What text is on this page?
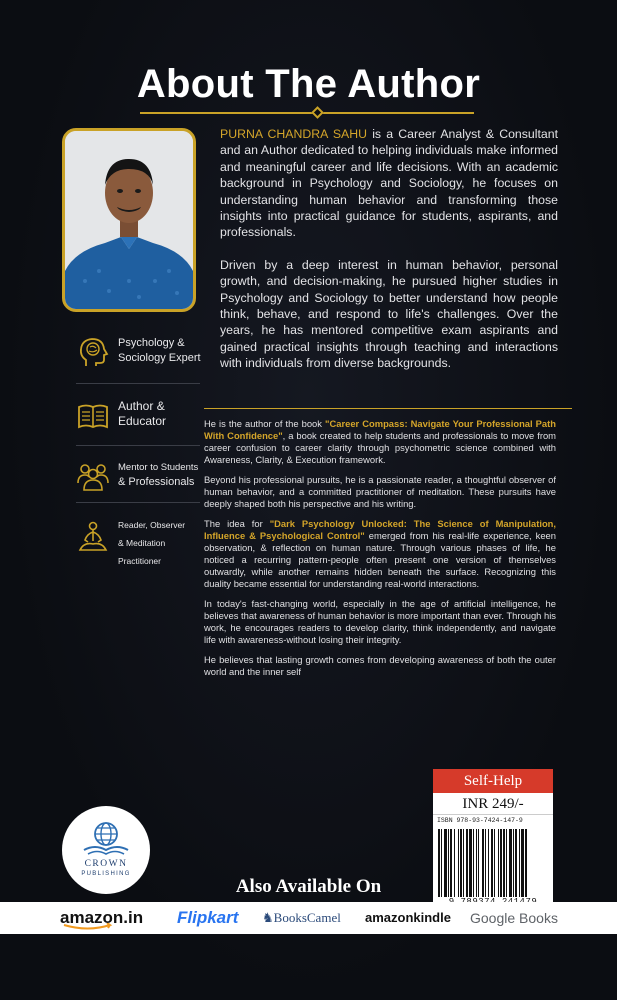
About The Author

PURNA CHANDRA SAHU is a Career Analyst & Consultant and an Author dedicated to helping individuals make informed and meaningful career and life decisions. With an academic background in Psychology and Sociology, he focuses on understanding human behavior and transforming those insights into practical guidance for students, aspirants, and professionals.

Driven by a deep interest in human behavior, personal growth, and decision-making, he pursued higher studies in Psychology and Sociology to better understand how people think, behave, and respond to life's challenges. Over the years, he has mentored competitive exam aspirants and gained practical insights through teaching and interactions with individuals from diverse backgrounds.

Psychology &
Sociology Expert
Author &
Educator
Mentor to Students
& Professionals
Reader, Observer
& Meditation
Practitioner

He is the author of the book "Career Compass: Navigate Your Professional Path With Confidence", a book created to help students and professionals to move from career confusion to career clarity through psychometric science combined with Awareness, Clarity, & Execution framework.

Beyond his professional pursuits, he is a passionate reader, a thoughtful observer of human behavior, and a committed practitioner of meditation. These pursuits have deeply shaped both his perspective and his writing.

The idea for "Dark Psychology Unlocked: The Science of Manipulation, Influence & Psychological Control" emerged from his real-life experience, keen observation, & reflection on human nature. Through various phases of life, he noticed a recurring pattern-people often present one version of themselves outwardly, while another remains hidden beneath the surface. Recognizing this duality became essential for understanding real-world interactions.

In today's fast-changing world, especially in the age of artificial intelligence, he believes that awareness of human behavior is more important than ever. Through his work, he encourages readers to develop clarity, think independently, and navigate life with awareness-without losing their integrity.

He believes that lasting growth comes from developing awareness of both the outer world and the inner self

CROWN
PUBLISHING
Self-Help
INR 249/-
ISBN 978-93-7424-147-9
Also Available On
amazon.in Flipkart ♞BooksCamel amazonkindle Google Books
